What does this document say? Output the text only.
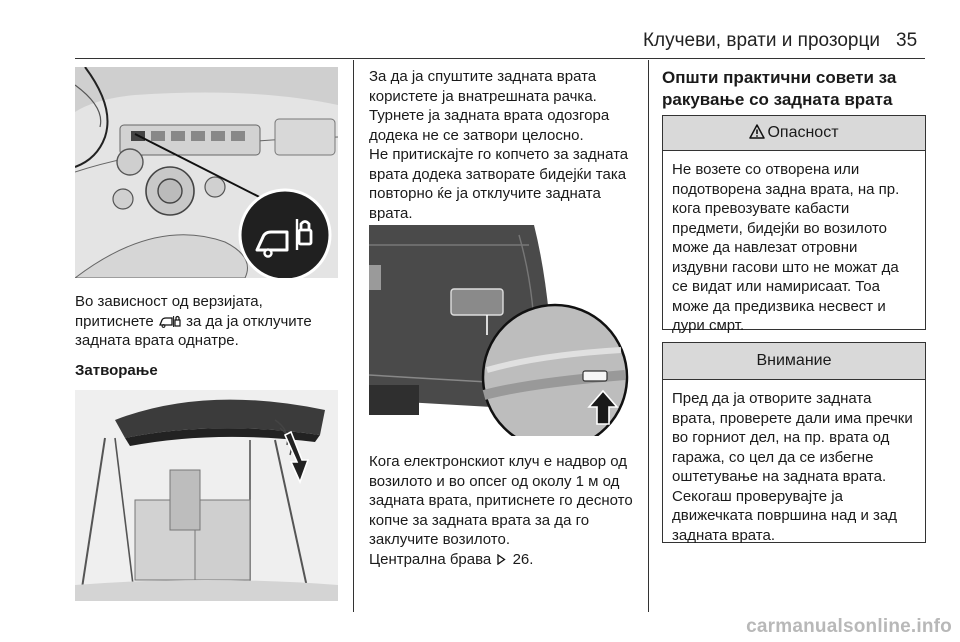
Клучеви, врати и прозорци 35

Во зависност од верзијата, притиснете за да ја отклучите задната врата однатре.

Затворање

За да ја спуштите задната врата користете ја внатрешната рачка. Турнете ја задната врата одозгора додека не се затвори целосно.

Не притискајте го копчето за задната врата додека затворате бидејќи така повторно ќе ја отклучите задната врата.

Кога електронскиот клуч е надвор од возилото и во опсег од околу 1 м од задната врата, притиснете го десното копче за задната врата за да го заклучите возилото.

Централна брава 26.

Општи практични совети за ракување со задната врата
Опасност
Не возете со отворена или подотворена задна врата, на пр. кога превозувате кабасти предмети, бидејќи во возилото може да навлезат отровни издувни гасови што не можат да се видат или намирисаат. Тоа може да предизвика несвест и дури смрт.
Внимание
Пред да ја отворите задната врата, проверете дали има пречки во горниот дел, на пр. врата од гаража, со цел да се избегне оштетување на задната врата. Секогаш проверувајте ја движечката површина над и зад задната врата.
carmanualsonline.info
